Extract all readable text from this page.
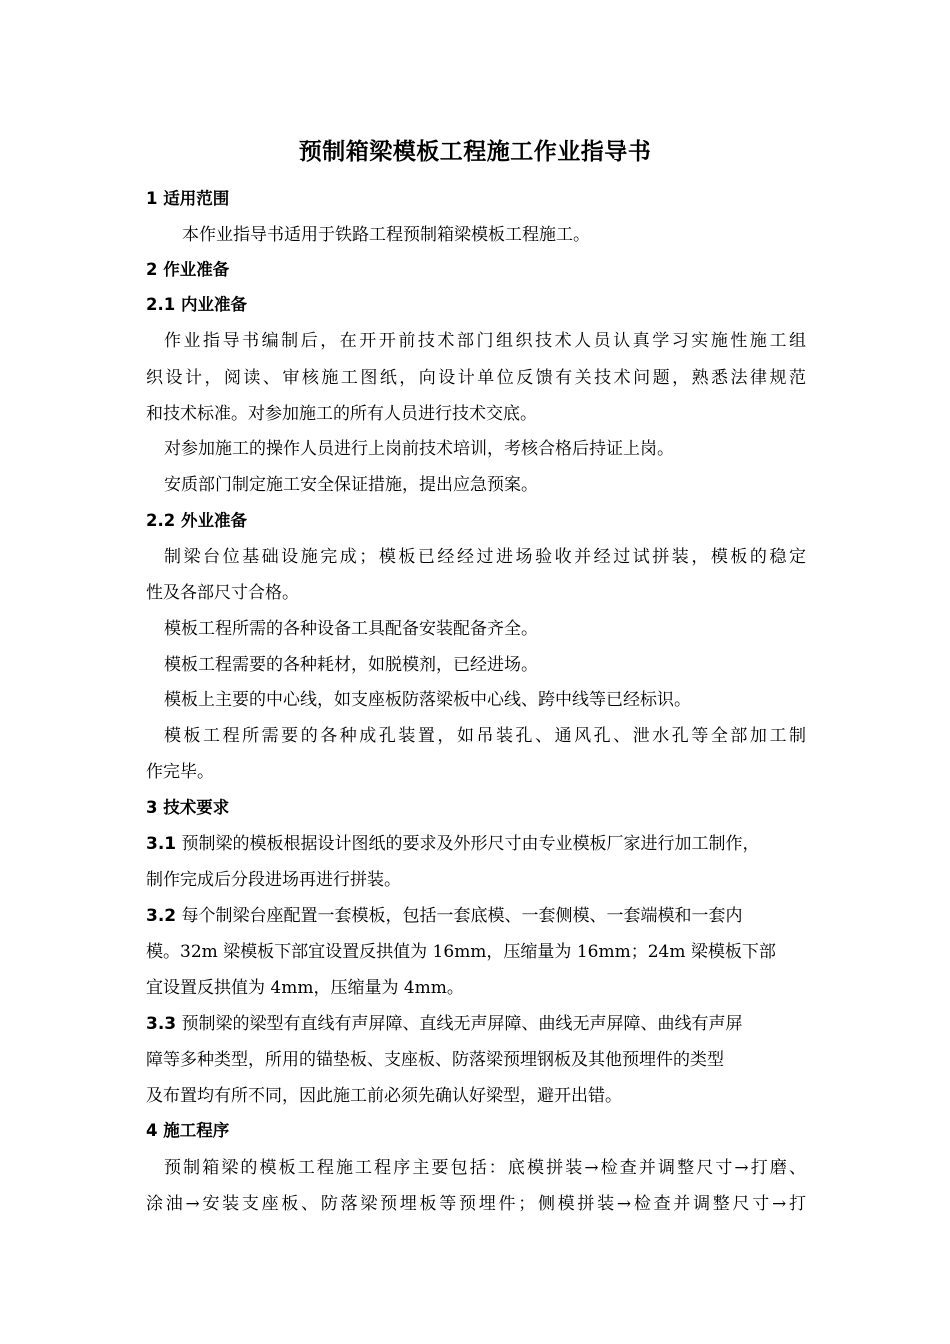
预制箱梁模板工程施工作业指导书
1 适用范围
本作业指导书适用于铁路工程预制箱梁模板工程施工。
2 作业准备
2.1 内业准备
作业指导书编制后，在开开前技术部门组织技术人员认真学习实施性施工组
织设计，阅读、审核施工图纸，向设计单位反馈有关技术问题，熟悉法律规范
和技术标准。对参加施工的所有人员进行技术交底。
对参加施工的操作人员进行上岗前技术培训，考核合格后持证上岗。
安质部门制定施工安全保证措施，提出应急预案。
2.2 外业准备
制梁台位基础设施完成；模板已经经过进场验收并经过试拼装，模板的稳定
性及各部尺寸合格。
模板工程所需的各种设备工具配备安装配备齐全。
模板工程需要的各种耗材，如脱模剂，已经进场。
模板上主要的中心线，如支座板防落梁板中心线、跨中线等已经标识。
模板工程所需要的各种成孔装置，如吊装孔、通风孔、泄水孔等全部加工制
作完毕。
3 技术要求
3.1 预制梁的模板根据设计图纸的要求及外形尺寸由专业模板厂家进行加工制作，
制作完成后分段进场再进行拼装。
3.2 每个制梁台座配置一套模板，包括一套底模、一套侧模、一套端模和一套内
模。32m 梁模板下部宜设置反拱值为 16mm，压缩量为 16mm；24m 梁模板下部
宜设置反拱值为 4mm，压缩量为 4mm。
3.3 预制梁的梁型有直线有声屏障、直线无声屏障、曲线无声屏障、曲线有声屏
障等多种类型，所用的锚垫板、支座板、防落梁预埋钢板及其他预埋件的类型
及布置均有所不同，因此施工前必须先确认好梁型，避开出错。
4 施工程序
预制箱梁的模板工程施工程序主要包括：底模拼装→检查并调整尺寸→打磨、
涂油→安装支座板、防落梁预埋板等预埋件；侧模拼装→检查并调整尺寸→打
